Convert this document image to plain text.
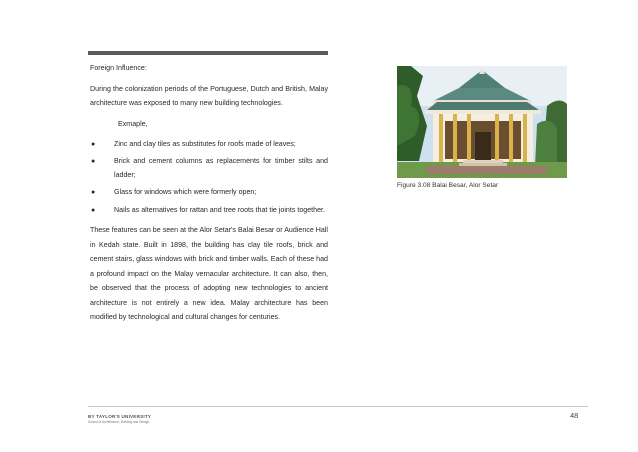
Foreign Influence:

During the colonization periods of the Portuguese, Dutch and British, Malay architecture was exposed to many new building technologies.

Exmaple,

●	Zinc and clay tiles as substitutes for roofs made of leaves;
●	Brick and cement columns as replacements for timber stilts and ladder;
●	Glass for windows which were formerly open;
●	Nails as alternatives for rattan and tree roots that tie joints together.

These features can be seen at the Alor Setar's Balai Besar or Audience Hall in Kedah state. Built in 1898, the building has clay tile roofs, brick and cement stairs, glass windows with brick and timber walls. Each of these had a profound impact on the Malay vernacular architecture. It can also, then, be observed that the process of adopting new technologies to ancient architecture is not entirely a new idea. Malay architecture has been modified by technological and cultural changes for centuries.

Figure 3.08 Balai Besar, Alor Setar
48
BY TAYLOR'S UNIVERSITY
School of Architecture, Building and Design
